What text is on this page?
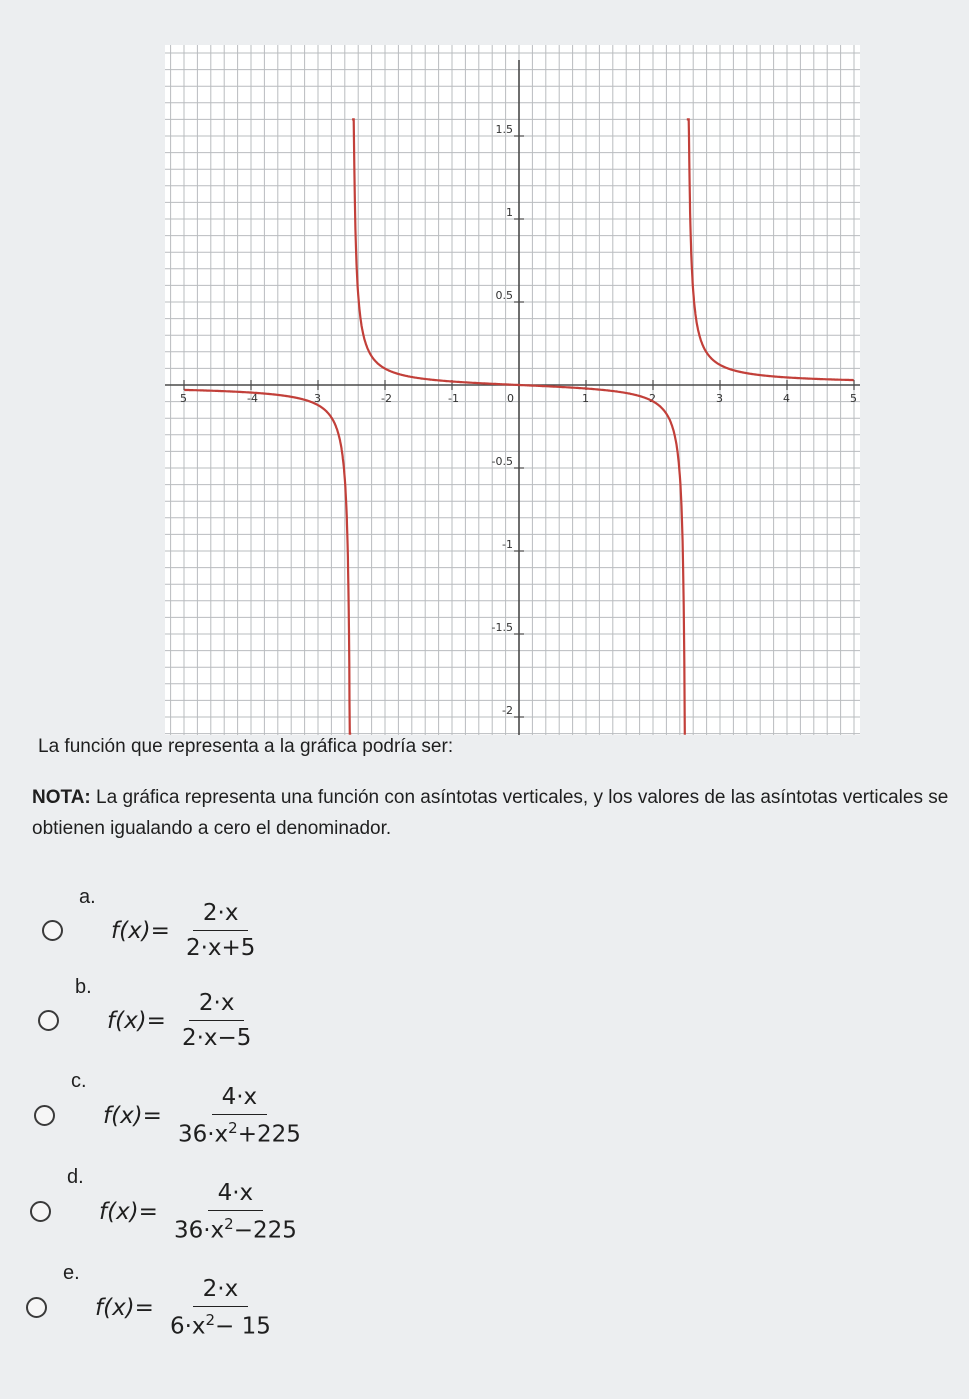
5	-4	3	-2	-1	0	1	2	3	4	5
1.5
1
0.5
-0.5
-1
-1.5
-2
La función que representa a la gráfica podría ser:
NOTA: La gráfica representa una función con asíntotas verticales, y los valores de las asíntotas verticales se obtienen igualando a cero el denominador.
a.
$f(x)= \frac{2\cdot x}{2\cdot x+5}$
b.
$f(x)= \frac{2\cdot x}{2\cdot x-5}$
c.
$f(x)= \frac{4\cdot x}{36\cdot x^2+225}$
d.
$f(x)= \frac{4\cdot x}{36\cdot x^2-225}$
e.
$f(x)= \frac{2\cdot x}{6\cdot x^2- 15}$
